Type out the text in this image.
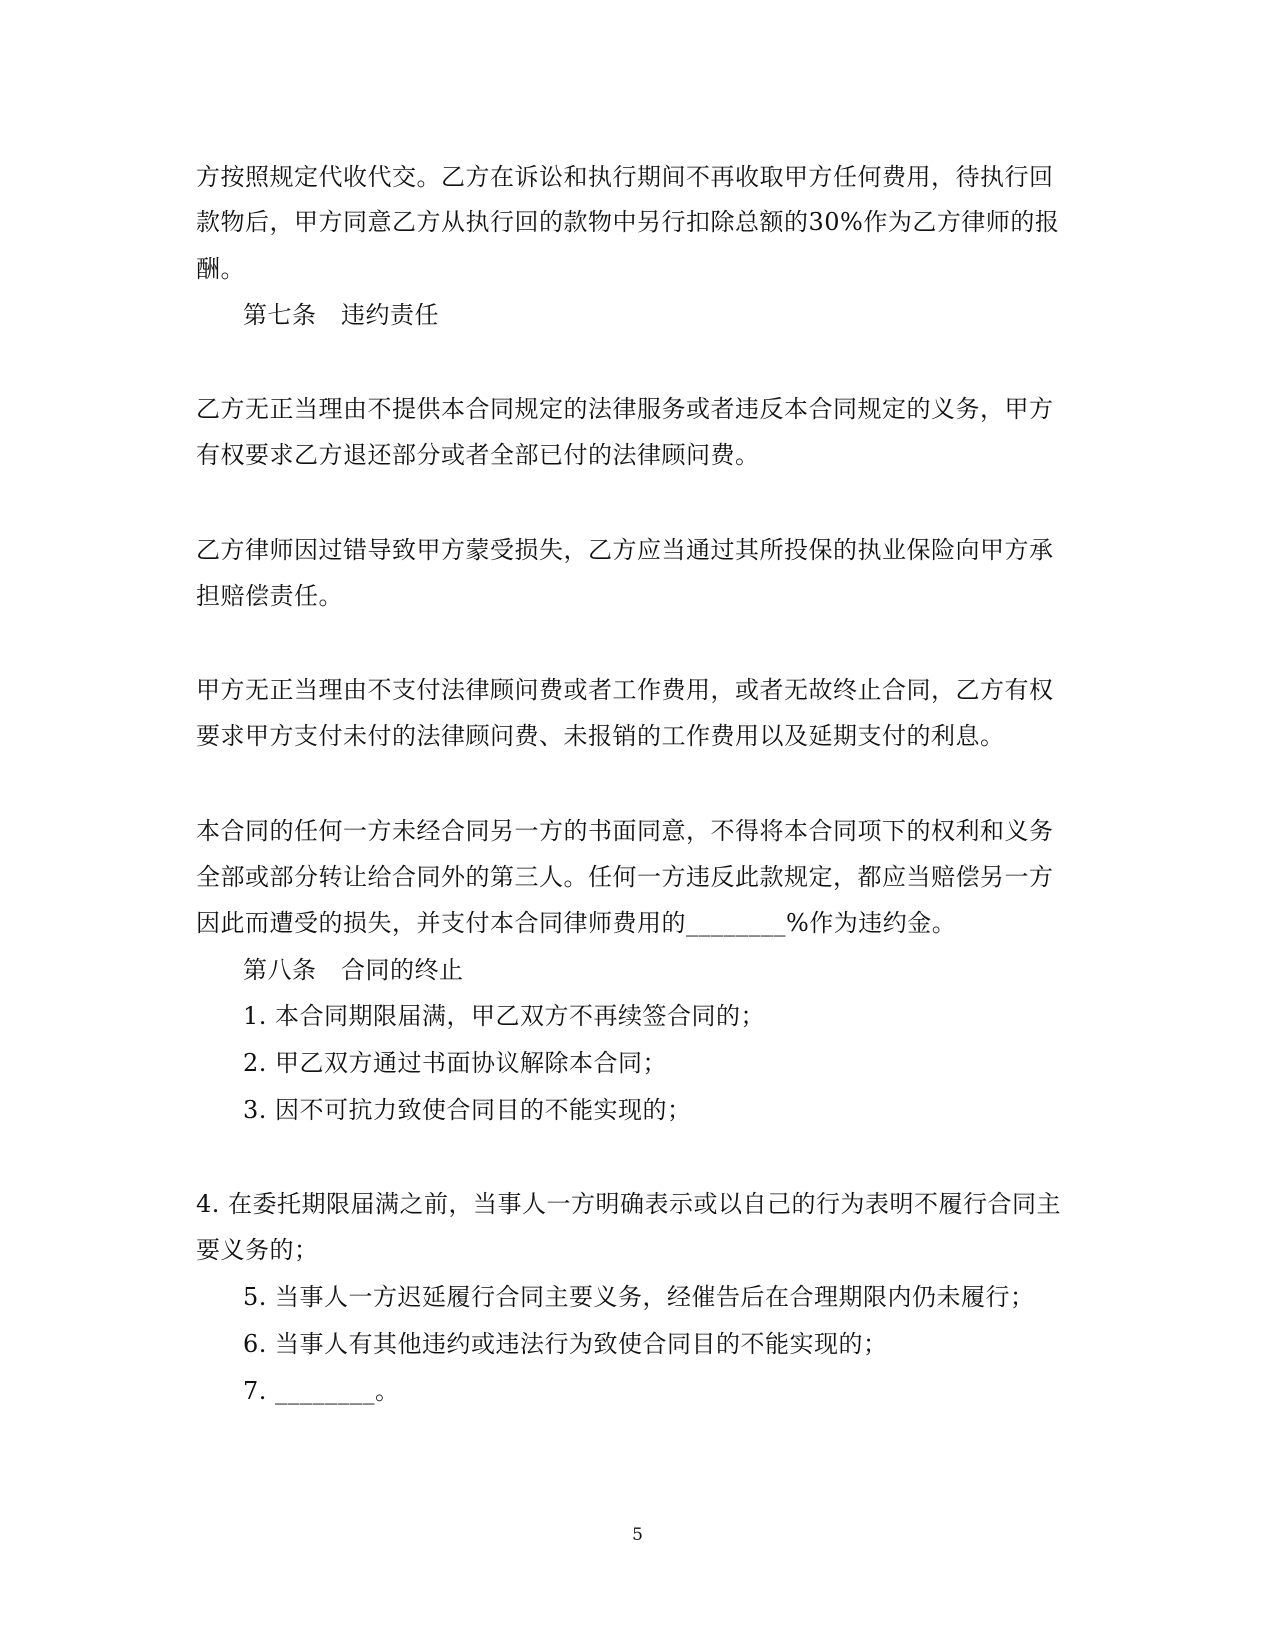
方按照规定代收代交。乙方在诉讼和执行期间不再收取甲方任何费用，待执行回
款物后，甲方同意乙方从执行回的款物中另行扣除总额的30%作为乙方律师的报
酬。
第七条　违约责任
乙方无正当理由不提供本合同规定的法律服务或者违反本合同规定的义务，甲方
有权要求乙方退还部分或者全部已付的法律顾问费。
乙方律师因过错导致甲方蒙受损失，乙方应当通过其所投保的执业保险向甲方承
担赔偿责任。
甲方无正当理由不支付法律顾问费或者工作费用，或者无故终止合同，乙方有权
要求甲方支付未付的法律顾问费、未报销的工作费用以及延期支付的利息。
本合同的任何一方未经合同另一方的书面同意，不得将本合同项下的权利和义务
全部或部分转让给合同外的第三人。任何一方违反此款规定，都应当赔偿另一方
因此而遭受的损失，并支付本合同律师费用的________%作为违约金。
第八条　合同的终止
1. 本合同期限届满，甲乙双方不再续签合同的；
2. 甲乙双方通过书面协议解除本合同；
3. 因不可抗力致使合同目的不能实现的；
4. 在委托期限届满之前，当事人一方明确表示或以自己的行为表明不履行合同主
要义务的；
5. 当事人一方迟延履行合同主要义务，经催告后在合理期限内仍未履行；
6. 当事人有其他违约或违法行为致使合同目的不能实现的；
7. ________。
5
